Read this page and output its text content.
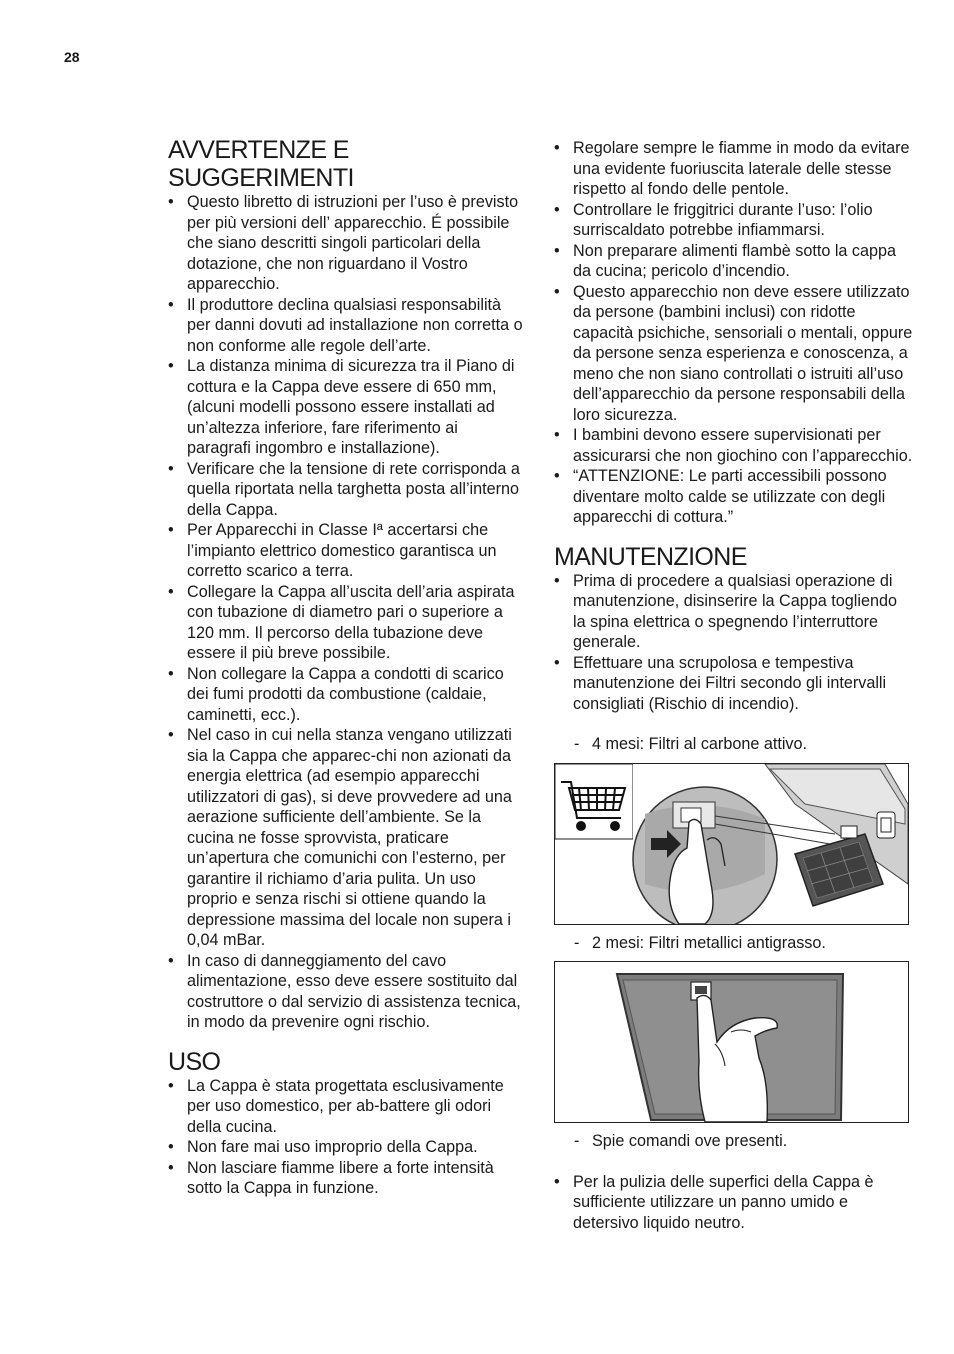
28
AVVERTENZE E SUGGERIMENTI
• Questo libretto di istruzioni per l’uso è previsto per più versioni dell’ apparecchio. É possibile che siano descritti singoli particolari della dotazione, che non riguardano il Vostro apparecchio.
• Il produttore declina qualsiasi responsabilità per danni dovuti ad installazione non corretta o non conforme alle regole dell’arte.
• La distanza minima di sicurezza tra il Piano di cottura e la Cappa deve essere di 650 mm, (alcuni modelli possono essere installati ad un’altezza inferiore, fare riferimento ai paragrafi ingombro e installazione).
• Verificare che la tensione di rete corrisponda a quella riportata nella targhetta posta all’interno della Cappa.
• Per Apparecchi in Classe Iª accertarsi che l’impianto elettrico domestico garantisca un corretto scarico a terra.
• Collegare la Cappa all’uscita dell’aria aspirata con tubazione di diametro pari o superiore a 120 mm. Il percorso della tubazione deve essere il più breve possibile.
• Non collegare la Cappa a condotti di scarico dei fumi prodotti da combustione (caldaie, caminetti, ecc.).
• Nel caso in cui nella stanza vengano utilizzati sia la Cappa che apparec-chi non azionati da energia elettrica (ad esempio apparecchi utilizzatori di gas), si deve provvedere ad una aerazione sufficiente dell’ambiente. Se la cucina ne fosse sprovvista, praticare un’apertura che comunichi con l’esterno, per garantire il richiamo d’aria pulita. Un uso proprio e senza rischi si ottiene quando la depressione massima del locale non supera i 0,04 mBar.
• In caso di danneggiamento del cavo alimentazione, esso deve essere sostituito dal costruttore o dal servizio di assistenza tecnica, in modo da prevenire ogni rischio.
USO
• La Cappa è stata progettata esclusivamente per uso domestico, per ab-battere gli odori della cucina.
• Non fare mai uso improprio della Cappa.
• Non lasciare fiamme libere a forte intensità sotto la Cappa in funzione.
• Regolare sempre le fiamme in modo da evitare una evidente fuoriuscita laterale delle stesse rispetto al fondo delle pentole.
• Controllare le friggitrici durante l’uso: l’olio surriscaldato potrebbe infiammarsi.
• Non preparare alimenti flambè sotto la cappa da cucina; pericolo d’incendio.
• Questo apparecchio non deve essere utilizzato da persone (bambini inclusi) con ridotte capacità psichiche, sensoriali o mentali, oppure da persone senza esperienza e conoscenza, a meno che non siano controllati o istruiti all’uso dell’apparecchio da persone responsabili della loro sicurezza.
• I bambini devono essere supervisionati per assicurarsi che non giochino con l’apparecchio.
• “ATTENZIONE: Le parti accessibili possono diventare molto calde se utilizzate con degli apparecchi di cottura.”
MANUTENZIONE
• Prima di procedere a qualsiasi operazione di manutenzione, disinserire la Cappa togliendo la spina elettrica o spegnendo l’interruttore generale.
• Effettuare una scrupolosa e tempestiva manutenzione dei Filtri secondo gli intervalli consigliati (Rischio di incendio).
- 4 mesi: Filtri al carbone attivo.
- 2 mesi: Filtri metallici antigrasso.
- Spie comandi ove presenti.
• Per la pulizia delle superfici della Cappa è sufficiente utilizzare un panno umido e detersivo liquido neutro.
